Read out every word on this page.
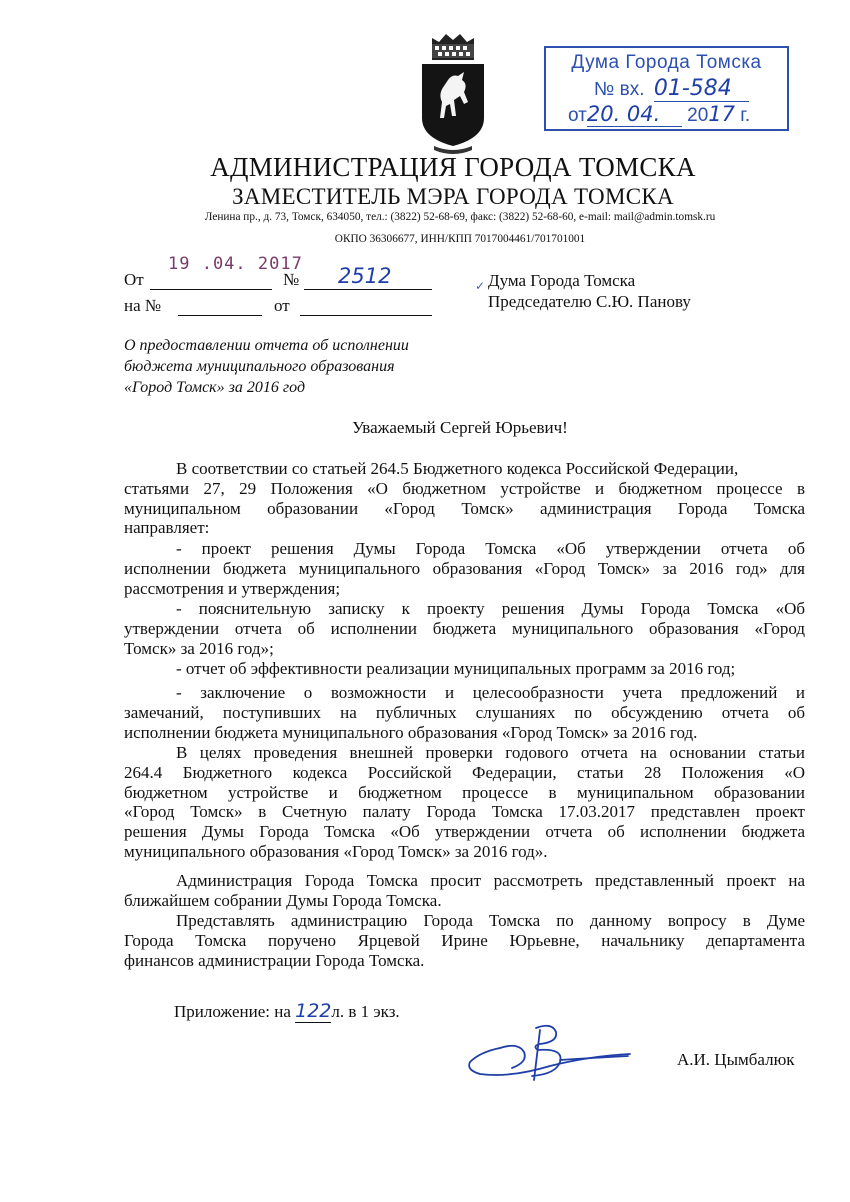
Дума Города Томска
№ вх. 01-584
от20. 04. 2017 г.
АДМИНИСТРАЦИЯ ГОРОДА ТОМСКА
ЗАМЕСТИТЕЛЬ МЭРА ГОРОДА ТОМСКА
Ленина пр., д. 73, Томск, 634050, тел.: (3822) 52-68-69, факс: (3822) 52-68-60, e-mail: mail@admin.tomsk.ru
ОКПО 36306677, ИНН/КПП 7017004461/701701001
От
19 .04. 2017
№ 2512
на №	от
✓ Дума Города Томска
Председателю С.Ю. Панову
О предоставлении отчета об исполнении
бюджета муниципального образования
«Город Томск» за 2016 год
Уважаемый Сергей Юрьевич!
В соответствии со статьей 264.5 Бюджетного кодекса Российской Федерации,
статьями 27, 29 Положения «О бюджетном устройстве и бюджетном процессе в
муниципальном образовании «Город Томск» администрация Города Томска
направляет:
- проект решения Думы Города Томска «Об утверждении отчета об
исполнении бюджета муниципального образования «Город Томск» за 2016 год» для
рассмотрения и утверждения;
- пояснительную записку к проекту решения Думы Города Томска «Об
утверждении отчета об исполнении бюджета муниципального образования «Город
Томск» за 2016 год»;
- отчет об эффективности реализации муниципальных программ за 2016 год;
- заключение о возможности и целесообразности учета предложений и
замечаний, поступивших на публичных слушаниях по обсуждению отчета об
исполнении бюджета муниципального образования «Город Томск» за 2016 год.
В целях проведения внешней проверки годового отчета на основании статьи
264.4 Бюджетного кодекса Российской Федерации, статьи 28 Положения «О
бюджетном устройстве и бюджетном процессе в муниципальном образовании
«Город Томск» в Счетную палату Города Томска 17.03.2017 представлен проект
решения Думы Города Томска «Об утверждении отчета об исполнении бюджета
муниципального образования «Город Томск» за 2016 год».
Администрация Города Томска просит рассмотреть представленный проект на
ближайшем собрании Думы Города Томска.
Представлять администрацию Города Томска по данному вопросу в Думе
Города Томска поручено Ярцевой Ирине Юрьевне, начальнику департамента
финансов администрации Города Томска.
Приложение: на 122л. в 1 экз.
А.И. Цымбалюк
